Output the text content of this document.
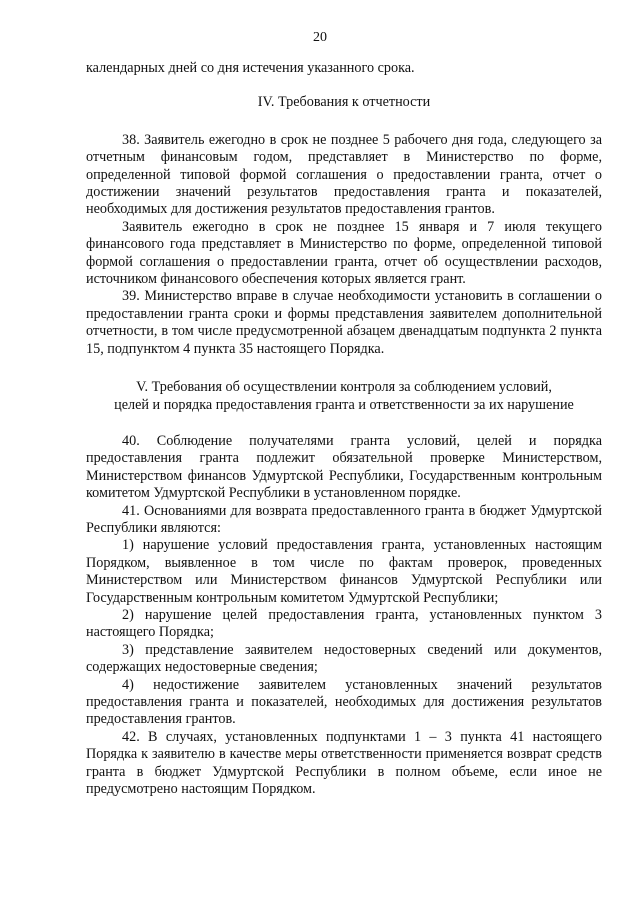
20

календарных дней со дня истечения указанного срока.

IV. Требования к отчетности

38. Заявитель ежегодно в срок не позднее 5 рабочего дня года, следующего за отчетным финансовым годом, представляет в Министерство по форме, определенной типовой формой соглашения о предоставлении гранта, отчет о достижении значений результатов предоставления гранта и показателей, необходимых для достижения результатов предоставления грантов.

Заявитель ежегодно в срок не позднее 15 января и 7 июля текущего финансового года представляет в Министерство по форме, определенной типовой формой соглашения о предоставлении гранта, отчет об осуществлении расходов, источником финансового обеспечения которых является грант.

39. Министерство вправе в случае необходимости установить в соглашении о предоставлении гранта сроки и формы представления заявителем дополнительной отчетности, в том числе предусмотренной абзацем двенадцатым подпункта 2 пункта 15, подпунктом 4 пункта 35 настоящего Порядка.

V. Требования об осуществлении контроля за соблюдением условий,
целей и порядка предоставления гранта и ответственности за их нарушение

40. Соблюдение получателями гранта условий, целей и порядка предоставления гранта подлежит обязательной проверке Министерством, Министерством финансов Удмуртской Республики, Государственным контрольным комитетом Удмуртской Республики в установленном порядке.

41. Основаниями для возврата предоставленного гранта в бюджет Удмуртской Республики являются:

1) нарушение условий предоставления гранта, установленных настоящим Порядком, выявленное в том числе по фактам проверок, проведенных Министерством или Министерством финансов Удмуртской Республики или Государственным контрольным комитетом Удмуртской Республики;

2) нарушение целей предоставления гранта, установленных пунктом 3 настоящего Порядка;

3) представление заявителем недостоверных сведений или документов, содержащих недостоверные сведения;

4) недостижение заявителем установленных значений результатов предоставления гранта и показателей, необходимых для достижения результатов предоставления грантов.

42. В случаях, установленных подпунктами 1 – 3 пункта 41 настоящего Порядка к заявителю в качестве меры ответственности применяется возврат средств гранта в бюджет Удмуртской Республики в полном объеме, если иное не предусмотрено настоящим Порядком.
